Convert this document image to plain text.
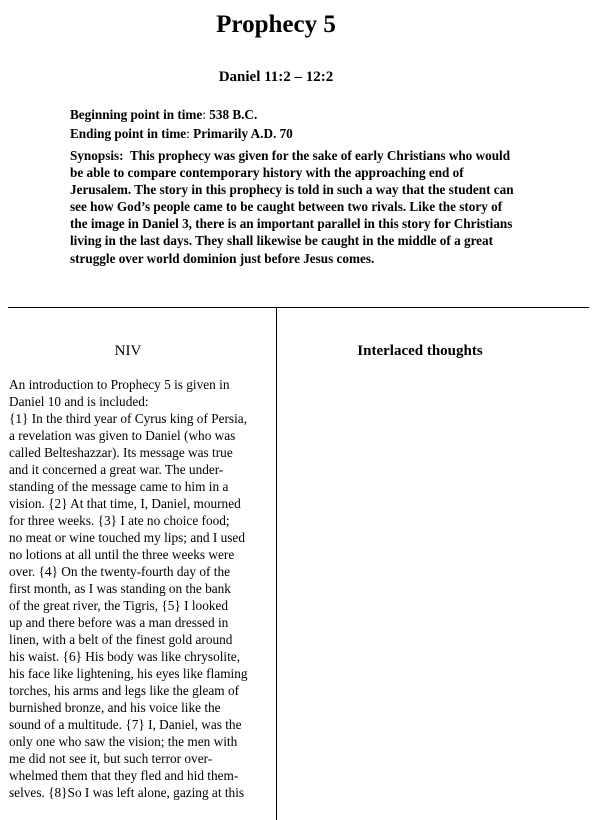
Prophecy 5
Daniel 11:2 – 12:2
Beginning point in time: 538 B.C.
Ending point in time: Primarily A.D. 70
Synopsis: This prophecy was given for the sake of early Christians who would be able to compare contemporary history with the approaching end of Jerusalem. The story in this prophecy is told in such a way that the student can see how God’s people came to be caught between two rivals. Like the story of the image in Daniel 3, there is an important parallel in this story for Christians living in the last days. They shall likewise be caught in the middle of a great struggle over world dominion just before Jesus comes.
NIV	Interlaced thoughts
An introduction to Prophecy 5 is given in
Daniel 10 and is included:
{1} In the third year of Cyrus king of Persia,
a revelation was given to Daniel (who was
called Belteshazzar). Its message was true
and it concerned a great war. The under-
standing of the message came to him in a
vision. {2} At that time, I, Daniel, mourned
for three weeks. {3} I ate no choice food;
no meat or wine touched my lips; and I used
no lotions at all until the three weeks were
over. {4} On the twenty-fourth day of the
first month, as I was standing on the bank
of the great river, the Tigris, {5} I looked
up and there before was a man dressed in
linen, with a belt of the finest gold around
his waist. {6} His body was like chrysolite,
his face like lightening, his eyes like flaming
torches, his arms and legs like the gleam of
burnished bronze, and his voice like the
sound of a multitude. {7} I, Daniel, was the
only one who saw the vision; the men with
me did not see it, but such terror over-
whelmed them that they fled and hid them-
selves. {8}So I was left alone, gazing at this
